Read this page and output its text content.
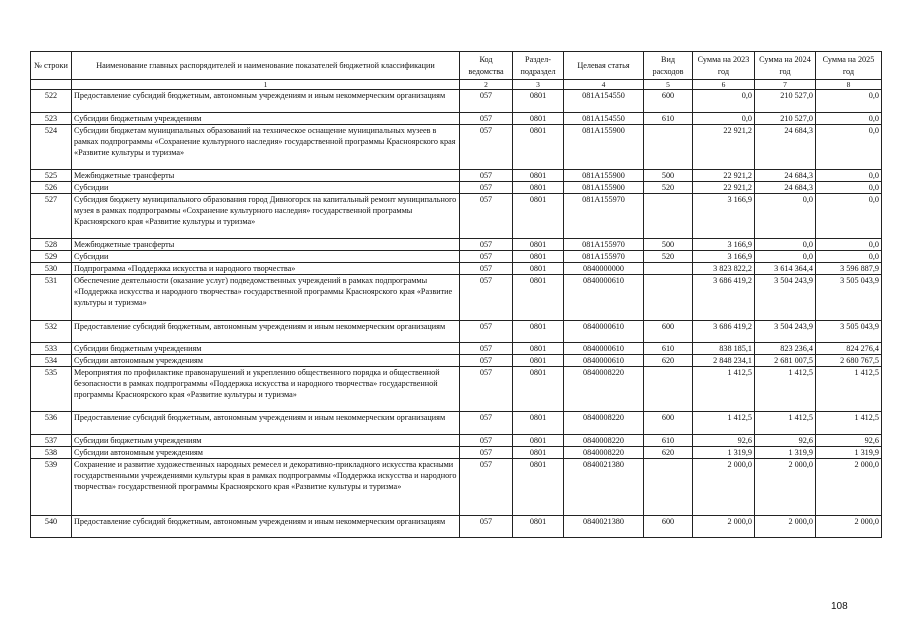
№ строки	Наименование главных распорядителей и наименование показателей бюджетной классификации	Код ведомства	Раздел-подраздел	Целевая статья	Вид расходов	Сумма на 2023 год	Сумма на 2024 год	Сумма на 2025 год
	1	2	3	4	5	6	7	8
522	Предоставление субсидий бюджетным, автономным учреждениям и иным некоммерческим организациям	057	0801	081A154550	600	0,0	210 527,0	0,0
523	Субсидии бюджетным учреждениям	057	0801	081A154550	610	0,0	210 527,0	0,0
524	Субсидии бюджетам муниципальных образований на техническое оснащение муниципальных музеев в рамках подпрограммы «Сохранение культурного наследия» государственной программы Красноярского края «Развитие культуры и туризма»	057	0801	081A155900		22 921,2	24 684,3	0,0
525	Межбюджетные трансферты	057	0801	081A155900	500	22 921,2	24 684,3	0,0
526	Субсидии	057	0801	081A155900	520	22 921,2	24 684,3	0,0
527	Субсидия бюджету муниципального образования город Дивногорск на капитальный ремонт муниципального музея в рамках подпрограммы «Сохранение культурного наследия» государственной программы Красноярского края «Развитие культуры и туризма»	057	0801	081A155970		3 166,9	0,0	0,0
528	Межбюджетные трансферты	057	0801	081A155970	500	3 166,9	0,0	0,0
529	Субсидии	057	0801	081A155970	520	3 166,9	0,0	0,0
530	Подпрограмма «Поддержка искусства и народного творчества»	057	0801	0840000000		3 823 822,2	3 614 364,4	3 596 887,9
531	Обеспечение деятельности (оказание услуг) подведомственных учреждений в рамках подпрограммы «Поддержка искусства и народного творчества» государственной программы Красноярского края «Развитие культуры и туризма»	057	0801	0840000610		3 686 419,2	3 504 243,9	3 505 043,9
532	Предоставление субсидий бюджетным, автономным учреждениям и иным некоммерческим организациям	057	0801	0840000610	600	3 686 419,2	3 504 243,9	3 505 043,9
533	Субсидии бюджетным учреждениям	057	0801	0840000610	610	838 185,1	823 236,4	824 276,4
534	Субсидии автономным учреждениям	057	0801	0840000610	620	2 848 234,1	2 681 007,5	2 680 767,5
535	Мероприятия по профилактике правонарушений и укреплению общественного порядка и общественной безопасности в рамках подпрограммы «Поддержка искусства и народного творчества» государственной программы Красноярского края «Развитие культуры и туризма»	057	0801	0840008220		1 412,5	1 412,5	1 412,5
536	Предоставление субсидий бюджетным, автономным учреждениям и иным некоммерческим организациям	057	0801	0840008220	600	1 412,5	1 412,5	1 412,5
537	Субсидии бюджетным учреждениям	057	0801	0840008220	610	92,6	92,6	92,6
538	Субсидии автономным учреждениям	057	0801	0840008220	620	1 319,9	1 319,9	1 319,9
539	Сохранение и развитие художественных народных ремесел и декоративно-прикладного искусства красными государственными учреждениями культуры края в рамках подпрограммы «Поддержка искусства и народного творчества» государственной программы Красноярского края «Развитие культуры и туризма»	057	0801	0840021380		2 000,0	2 000,0	2 000,0
540	Предоставление субсидий бюджетным, автономным учреждениям и иным некоммерческим организациям	057	0801	0840021380	600	2 000,0	2 000,0	2 000,0
108
